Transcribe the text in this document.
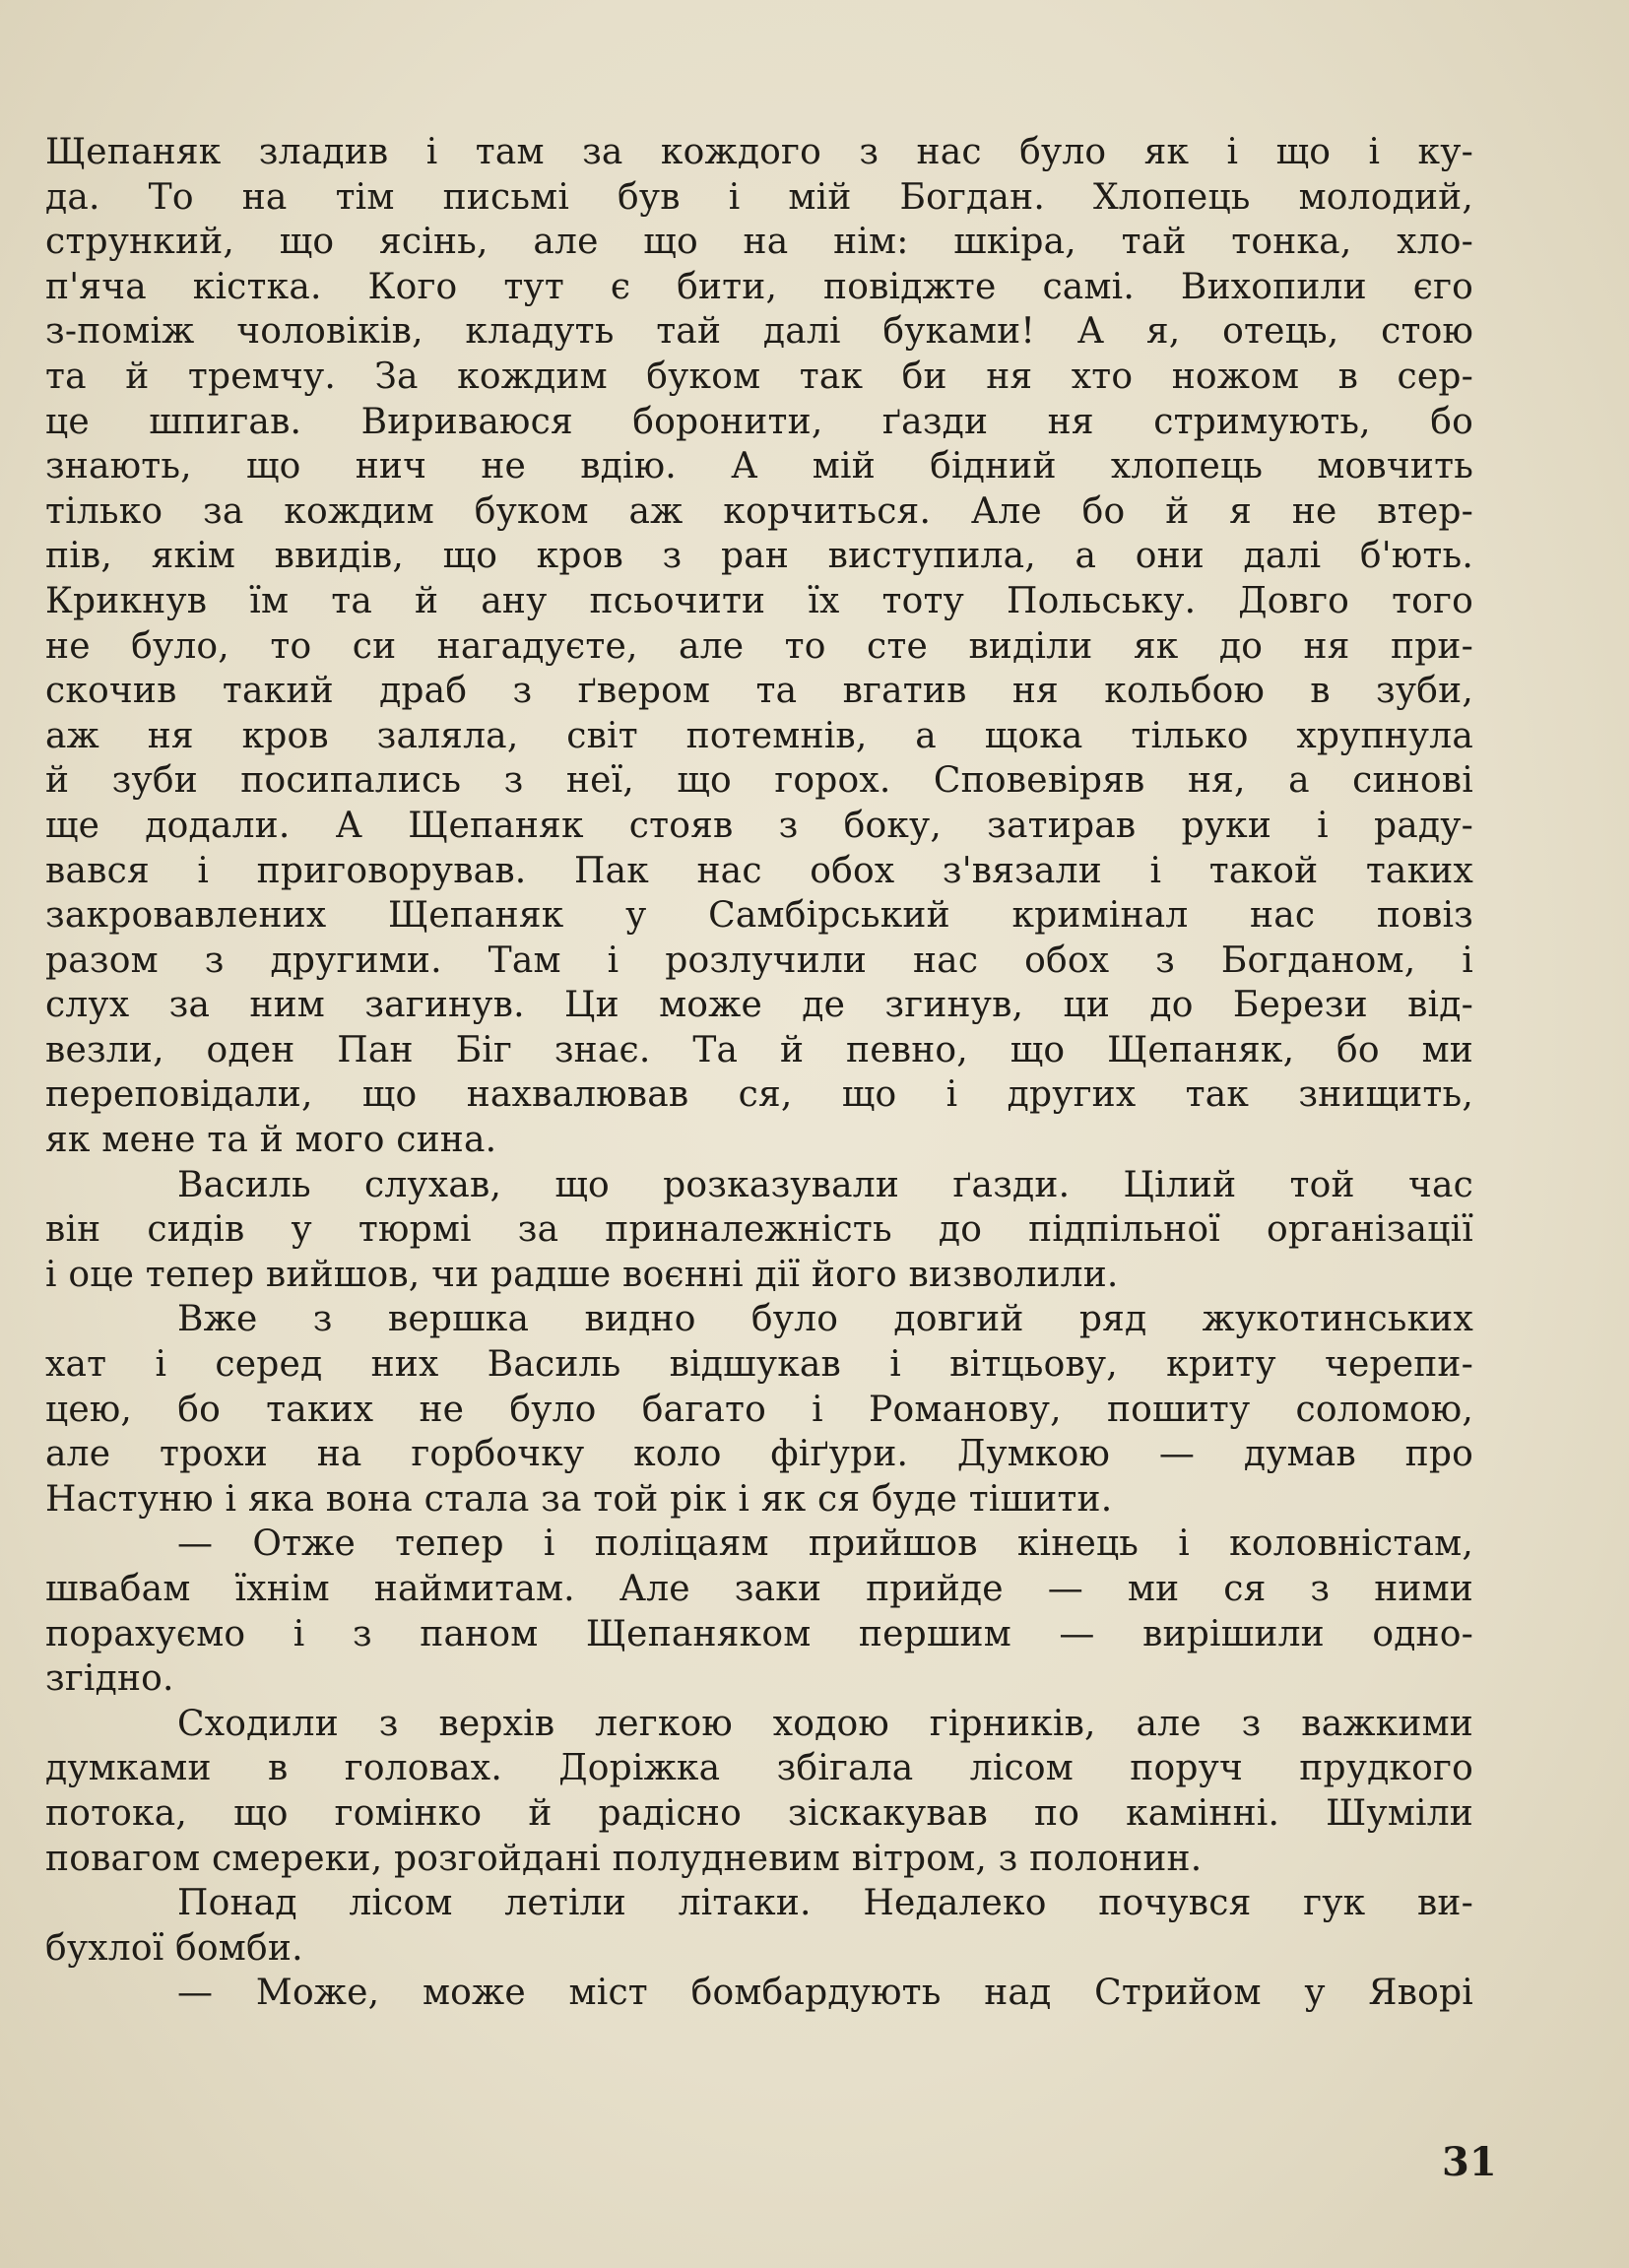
Щепаняк зладив і там за кождого з нас було як і що і ку-
да. То на тім письмі був і мій Богдан. Хлопець молодий,
стрункий, що ясінь, але що на нім: шкіра, тай тонка, хло-
п'яча кістка. Кого тут є бити, повіджте самі. Вихопили єго
з-поміж чоловіків, кладуть тай далі буками! А я, отець, стою
та й тремчу. За кождим буком так би ня хто ножом в сер-
це шпигав. Вириваюся боронити, ґазди ня стримують, бо
знають, що нич не вдію. А мій бідний хлопець мовчить
тілько за кождим буком аж корчиться. Але бо й я не втер-
пів, якім ввидів, що кров з ран виступила, а они далі б'ють.
Крикнув їм та й ану псьочити їх тоту Польську. Довго того
не було, то си нагадуєте, але то сте виділи як до ня при-
скочив такий драб з ґвером та вгатив ня кольбою в зуби,
аж ня кров заляла, світ потемнів, а щока тілько хрупнула
й зуби посипались з неї, що горох. Сповевіряв ня, а синові
ще додали. А Щепаняк стояв з боку, затирав руки і раду-
вався і приговорував. Пак нас обох з'вязали і такой таких
закровавлених Щепаняк у Самбірський кримінал нас повіз
разом з другими. Там і розлучили нас обох з Богданом, і
слух за ним загинув. Ци може де згинув, ци до Берези від-
везли, оден Пан Біг знає. Та й певно, що Щепаняк, бо ми
переповідали, що нахвалював ся, що і других так знищить,
як мене та й мого сина.
Василь слухав, що розказували ґазди. Цілий той час
він сидів у тюрмі за приналежність до підпільної організації
і оце тепер вийшов, чи радше воєнні дії його визволили.
Вже з вершка видно було довгий ряд жукотинських
хат і серед них Василь відшукав і вітцьову, криту черепи-
цею, бо таких не було багато і Романову, пошиту соломою,
але трохи на горбочку коло фіґури. Думкою — думав про
Настуню і яка вона стала за той рік і як ся буде тішити.
— Отже тепер і поліцаям прийшов кінець і коловністам,
швабам їхнім наймитам. Але заки прийде — ми ся з ними
порахуємо і з паном Щепаняком першим — вирішили одно-
згідно.
Сходили з верхів легкою ходою гірників, але з важкими
думками в головах. Доріжка збігала лісом поруч прудкого
потока, що гомінко й радісно зіскакував по камінні. Шуміли
повагом смереки, розгойдані полудневим вітром, з полонин.
Понад лісом летіли літаки. Недалеко почувся гук ви-
бухлої бомби.
— Може, може міст бомбардують над Стрийом у Яворі
31
